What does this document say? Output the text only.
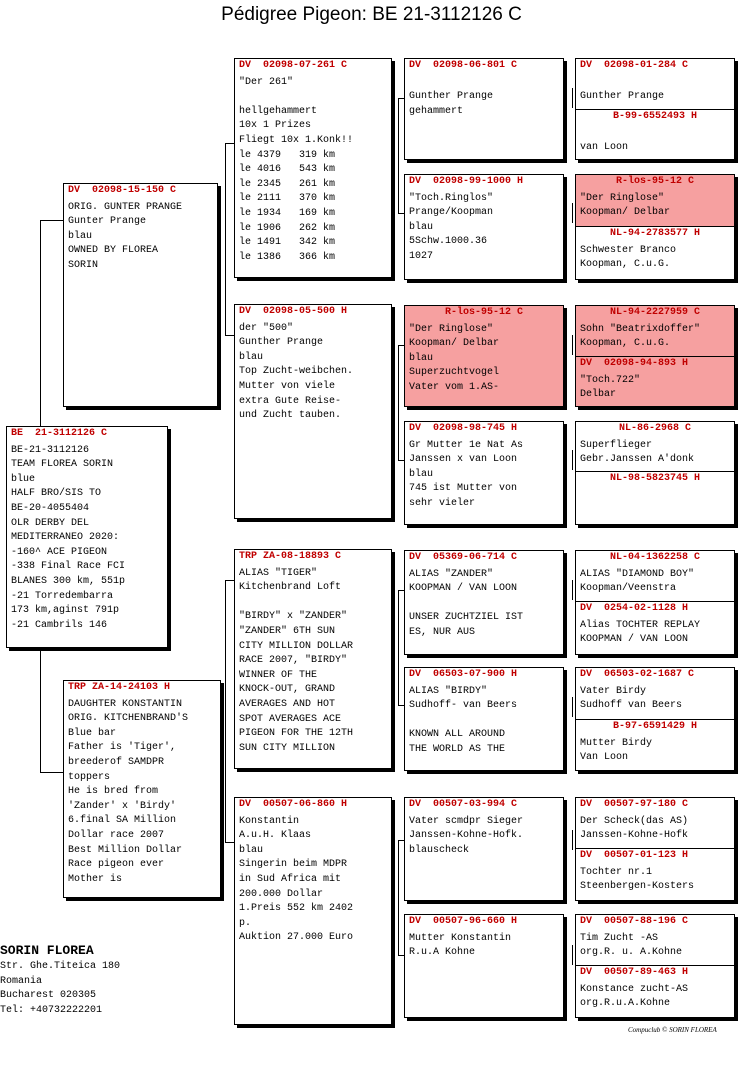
Pédigree Pigeon: BE 21-3112126 C
BE  21-3112126 C
BE-21-3112126
TEAM FLOREA SORIN
blue
HALF BRO/SIS TO
BE-20-4055404
OLR DERBY DEL
MEDITERRANEO 2020:
-160^ ACE PIGEON
-338 Final Race FCI
BLANES 300 km, 551p
-21 Torredembarra
173 km,aginst 791p
-21 Cambrils 146
DV  02098-15-150 C
ORIG. GUNTER PRANGE
Gunter Prange
blau
OWNED BY FLOREA
SORIN
TRP ZA-14-24103 H
DAUGHTER KONSTANTIN
ORIG. KITCHENBRAND'S
Blue bar
Father is 'Tiger',
breederof SAMDPR
toppers
He is bred from
'Zander' x 'Birdy'
6.final SA Million
Dollar race 2007
Best Million Dollar
Race pigeon ever
Mother is
DV  02098-07-261 C
"Der 261"

hellgehammert
10x 1 Prizes
Fliegt 10x 1.Konk!!
le 4379   319 km
le 4016   543 km
le 2345   261 km
le 2111   370 km
le 1934   169 km
le 1906   262 km
le 1491   342 km
le 1386   366 km
DV  02098-05-500 H
der "500"
Gunther Prange
blau
Top Zucht-weibchen.
Mutter von viele
extra Gute Reise-
und Zucht tauben.
TRP ZA-08-18893 C
ALIAS "TIGER"
Kitchenbrand Loft

"BIRDY" x "ZANDER"
"ZANDER" 6TH SUN
CITY MILLION DOLLAR
RACE 2007, "BIRDY"
WINNER OF THE
KNOCK-OUT, GRAND
AVERAGES AND HOT
SPOT AVERAGES ACE
PIGEON FOR THE 12TH
SUN CITY MILLION
DV  00507-06-860 H
Konstantin
A.u.H. Klaas
blau
Singerin beim MDPR
in Sud Africa mit
200.000 Dollar
1.Preis 552 km 2402
p.
Auktion 27.000 Euro
DV  02098-06-801 C

Gunther Prange
gehammert
DV  02098-99-1000 H
"Toch.Ringlos"
Prange/Koopman
blau
5Schw.1000.36
1027
R-los-95-12 C
"Der Ringlose"
Koopman/ Delbar
blau
Superzuchtvogel
Vater vom 1.AS-
DV  02098-98-745 H
Gr Mutter 1e Nat As
Janssen x van Loon
blau
745 ist Mutter von
sehr vieler
DV  05369-06-714 C
ALIAS "ZANDER"
KOOPMAN / VAN LOON

UNSER ZUCHTZIEL IST
ES, NUR AUS
DV  06503-07-900 H
ALIAS "BIRDY"
Sudhoff- van Beers

KNOWN ALL AROUND
THE WORLD AS THE
DV  00507-03-994 C
Vater scmdpr Sieger
Janssen-Kohne-Hofk.
blauscheck
DV  00507-96-660 H
Mutter Konstantin
R.u.A Kohne
DV  02098-01-284 C
Gunther Prange
B-99-6552493 H
van Loon
R-los-95-12 C
"Der Ringlose"
Koopman/ Delbar
NL-94-2783577 H
Schwester Branco
Koopman, C.u.G.
NL-94-2227959 C
Sohn "Beatrixdoffer"
Koopman, C.u.G.
DV  02098-94-893 H
"Toch.722"
Delbar
NL-86-2968 C
Superflieger
Gebr.Janssen A'donk
NL-98-5823745 H
NL-04-1362258 C
ALIAS "DIAMOND BOY"
Koopman/Veenstra
DV  0254-02-1128 H
Alias TOCHTER REPLAY
KOOPMAN / VAN LOON
DV  06503-02-1687 C
Vater Birdy
Sudhoff van Beers
B-97-6591429 H
Mutter Birdy
Van Loon
DV  00507-97-180 C
Der Scheck(das AS)
Janssen-Kohne-Hofk
DV  00507-01-123 H
Tochter nr.1
Steenbergen-Kosters
DV  00507-88-196 C
Tim Zucht -AS
org.R. u. A.Kohne
DV  00507-89-463 H
Konstance zucht-AS
org.R.u.A.Kohne
SORIN FLOREA
Str. Ghe.Titeica 180
Romania
Bucharest 020305
Tel: +40732222201
Compuclub © SORIN FLOREA
